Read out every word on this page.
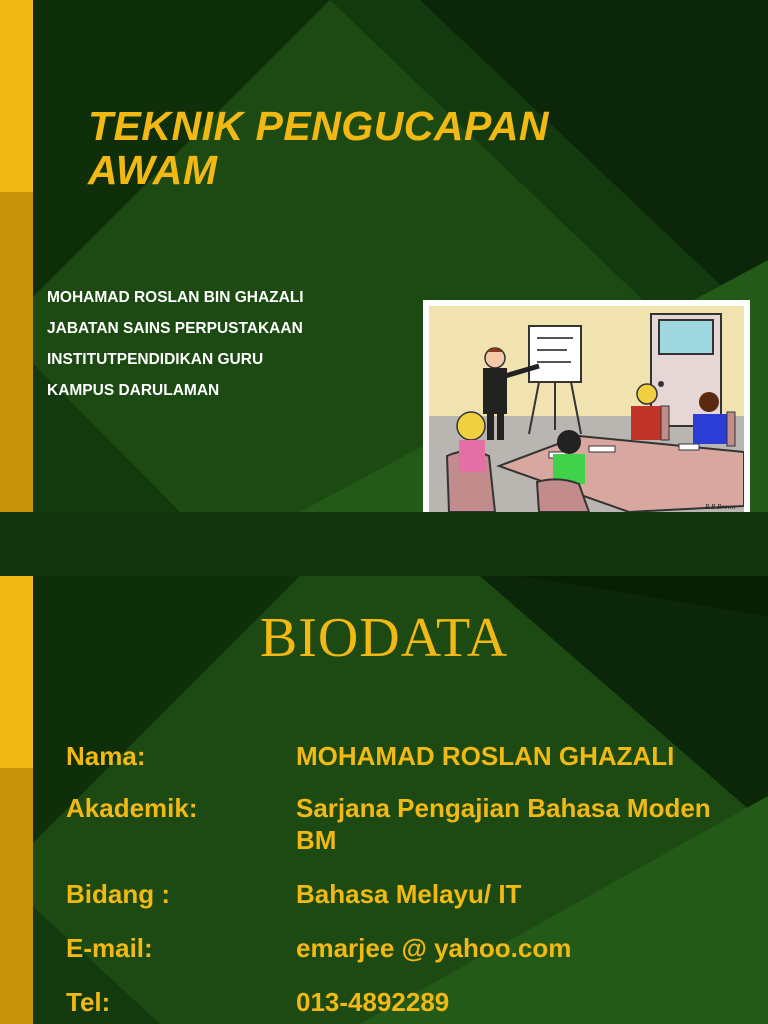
TEKNIK PENGUCAPAN AWAM
MOHAMAD ROSLAN BIN GHAZALI
JABATAN SAINS PERPUSTAKAAN
INSTITUTPENDIDIKAN GURU
KAMPUS DARULAMAN
B.B.Brown
BIODATA
Nama:	MOHAMAD ROSLAN GHAZALI
Akademik:	Sarjana Pengajian Bahasa Moden BM
Bidang :	Bahasa Melayu/ IT
E-mail:	emarjee @ yahoo.com
Tel:	013-4892289
